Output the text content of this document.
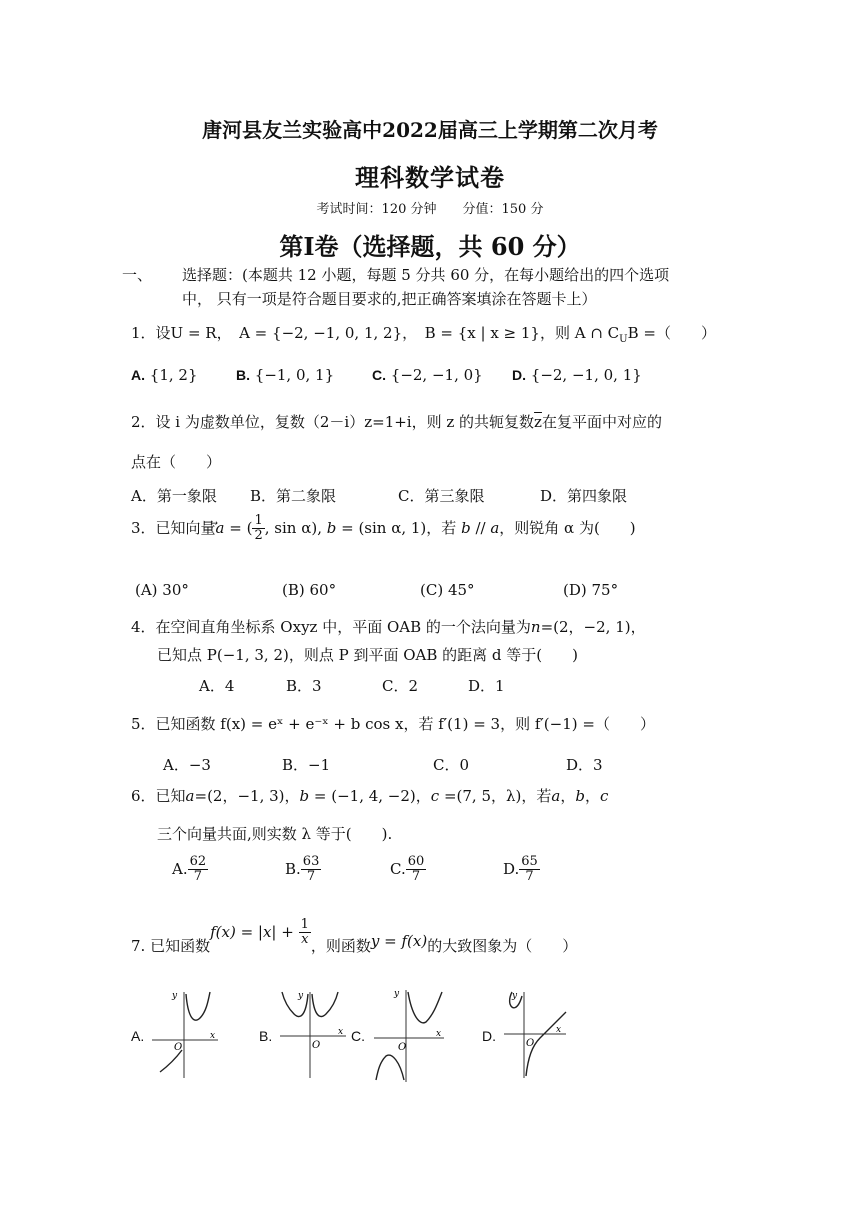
唐河县友兰实验高中2022届高三上学期第二次月考
理科数学试卷
考试时间：120 分钟　　分值：150 分
第Ⅰ卷（选择题，共 60 分）
一、 选择题：(本题共 12 小题，每题 5 分共 60 分，在每小题给出的四个选项
中， 只有一项是符合题目要求的,把正确答案填涂在答题卡上）
1．设U = R，　A = {−2, −1, 0, 1, 2}，　B = {x | x ≥ 1}，则 A ∩ $C_UB$ =（　　）
A. {1, 2}	B. {−1, 0, 1}	C. {−2, −1, 0} D. {−2, −1, 0, 1}
2．设 i 为虚数单位，复数（2－i）z=1+i，则 z 的共轭复数$\overline{z}$在复平面中对应的
点在（　　）
A．第一象限 B．第二象限	C．第三象限	D．第四象限
3．已知向量a = ( $\frac{1}{2}$ , sin α), b = (sin α, 1)，若 b // a，则锐角 α 为(　　)
(A) 30°	(B) 60°	(C) 45°	(D) 75°
4．在空间直角坐标系 Oxyz 中，平面 OAB 的一个法向量为n=(2，−2, 1)，
已知点 P(−1, 3, 2)，则点 P 到平面 OAB 的距离 d 等于(　　)
A．4	B．3	C．2	D．1
5．已知函数 f(x) = eˣ + e⁻ˣ + b cos x，若 f′(1) = 3，则 f′(−1) =（　　）
A．−3	B．−1	C．0	D．3
6．已知a=(2，−1, 3)，b = (−1, 4, −2)，c =(7, 5，λ)，若a，b，c
三个向量共面,则实数 λ 等于(　　).
A. $\frac{62}{7}$	B. $\frac{63}{7}$	C. $\frac{60}{7}$	D. $\frac{65}{7}$
7. 已知函数$f(x) = |x| + \frac{1}{x}$ ，则函数y = f(x)的大致图象为（　　）
A.
y
O
x	B.
y
O
x C.
y
O
x	D.
y
O
x
